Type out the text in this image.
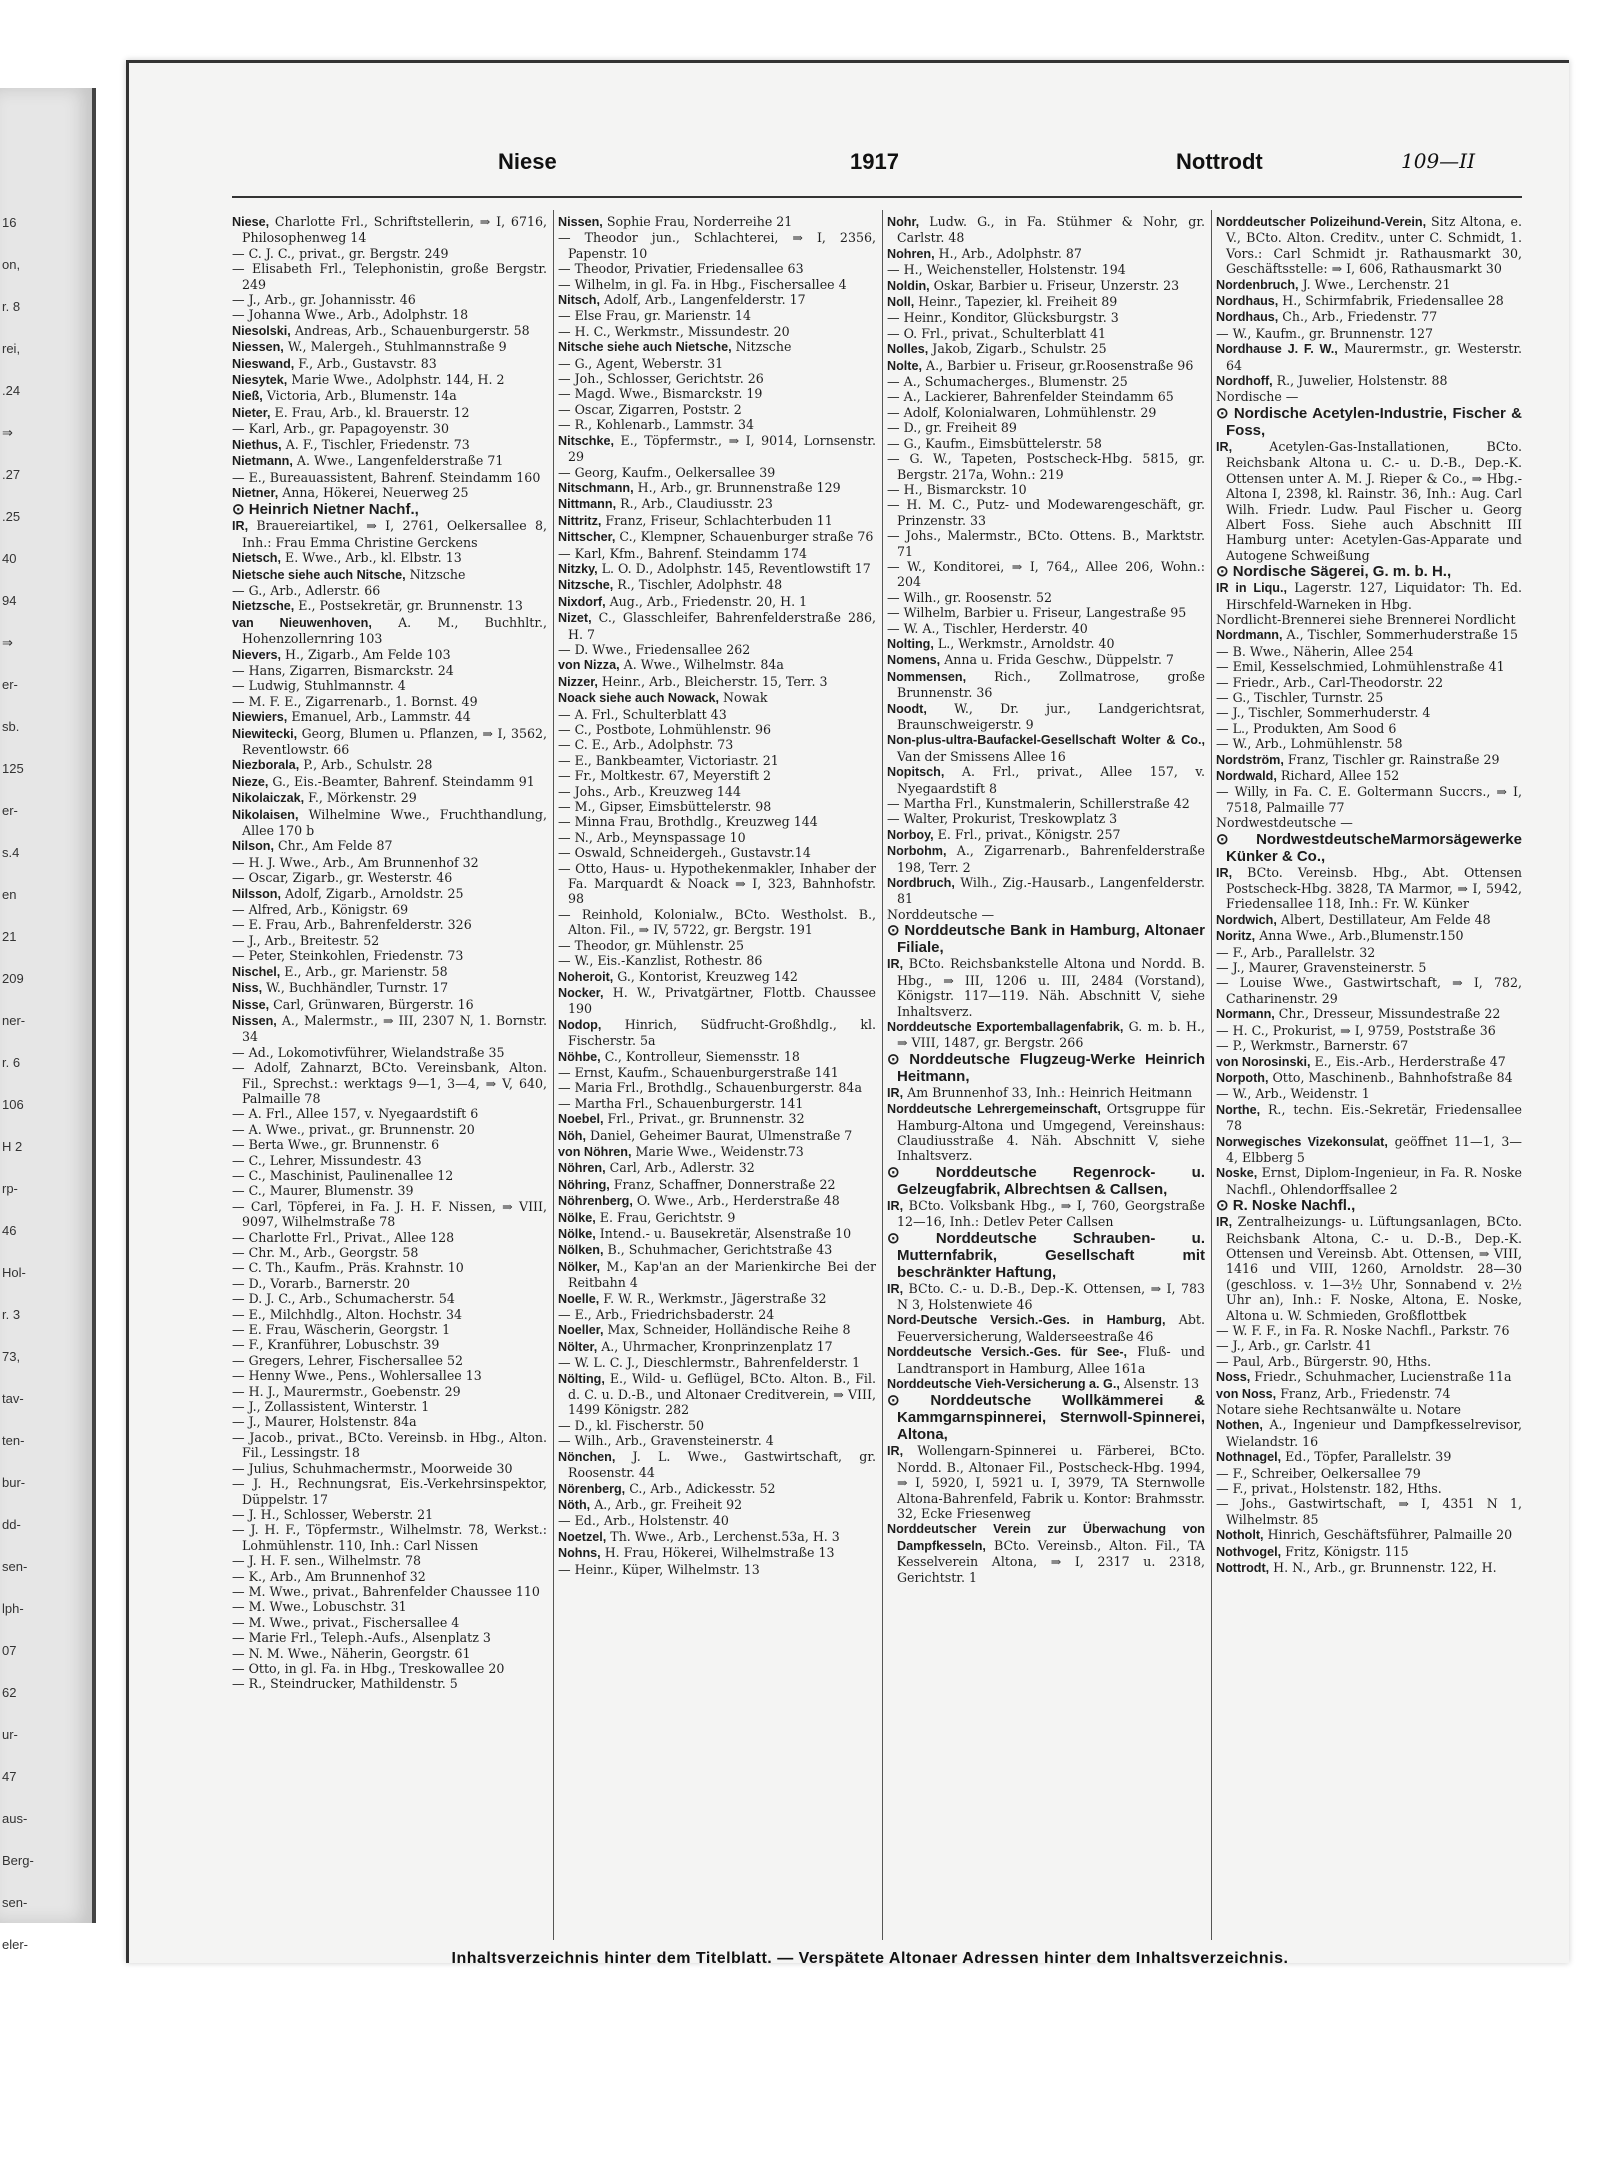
Niese	1917	Nottrodt	109—II

Niese, Charlotte Frl., Schriftstellerin, ⇒ I, 6716, Philosophenweg 14

— C. J. C., privat., gr. Bergstr. 249

— Elisabeth Frl., Telephonistin, große Bergstr. 249

— J., Arb., gr. Johannisstr. 46

— Johanna Wwe., Arb., Adolphstr. 18

Niesolski, Andreas, Arb., Schauenburgerstr. 58

Niessen, W., Malergeh., Stuhlmannstraße 9

Nieswand, F., Arb., Gustavstr. 83

Niesytek, Marie Wwe., Adolphstr. 144, H. 2

Nieß, Victoria, Arb., Blumenstr. 14a

Nieter, E. Frau, Arb., kl. Brauerstr. 12

— Karl, Arb., gr. Papagoyenstr. 30

Niethus, A. F., Tischler, Friedenstr. 73

Nietmann, A. Wwe., Langenfelderstraße 71

— E., Bureauassistent, Bahrenf. Steindamm 160

Nietner, Anna, Hökerei, Neuerweg 25

⊙ Heinrich Nietner Nachf.,

IR, Brauereiartikel, ⇒ I, 2761, Oelkersallee 8, Inh.: Frau Emma Christine Gerckens

Nietsch, E. Wwe., Arb., kl. Elbstr. 13

Nietsche siehe auch Nitsche, Nitzsche

— G., Arb., Adlerstr. 66

Nietzsche, E., Postsekretär, gr. Brunnenstr. 13

van Nieuwenhoven, A. M., Buchhltr., Hohenzollernring 103

Nievers, H., Zigarb., Am Felde 103

— Hans, Zigarren, Bismarckstr. 24

— Ludwig, Stuhlmannstr. 4

— M. F. E., Zigarrenarb., 1. Bornst. 49

Niewiers, Emanuel, Arb., Lammstr. 44

Niewitecki, Georg, Blumen u. Pflanzen, ⇒ I, 3562, Reventlowstr. 66

Niezborala, P., Arb., Schulstr. 28

Nieze, G., Eis.-Beamter, Bahrenf. Steindamm 91

Nikolaiczak, F., Mörkenstr. 29

Nikolaisen, Wilhelmine Wwe., Fruchthandlung, Allee 170 b

Nilson, Chr., Am Felde 87

— H. J. Wwe., Arb., Am Brunnenhof 32

— Oscar, Zigarb., gr. Westerstr. 46

Nilsson, Adolf, Zigarb., Arnoldstr. 25

— Alfred, Arb., Königstr. 69

— E. Frau, Arb., Bahrenfelderstr. 326

— J., Arb., Breitestr. 52

— Peter, Steinkohlen, Friedenstr. 73

Nischel, E., Arb., gr. Marienstr. 58

Niss, W., Buchhändler, Turnstr. 17

Nisse, Carl, Grünwaren, Bürgerstr. 16

Nissen, A., Malermstr., ⇒ III, 2307 N, 1. Bornstr. 34

— Ad., Lokomotivführer, Wielandstraße 35

— Adolf, Zahnarzt, BCto. Vereinsbank, Alton. Fil., Sprechst.: werktags 9—1, 3—4, ⇒ V, 640, Palmaille 78

— A. Frl., Allee 157, v. Nyegaardstift 6

— A. Wwe., privat., gr. Brunnenstr. 20

— Berta Wwe., gr. Brunnenstr. 6

— C., Lehrer, Missundestr. 43

— C., Maschinist, Paulinenallee 12

— C., Maurer, Blumenstr. 39

— Carl, Töpferei, in Fa. J. H. F. Nissen, ⇒ VIII, 9097, Wilhelmstraße 78

— Charlotte Frl., Privat., Allee 128

— Chr. M., Arb., Georgstr. 58

— C. Th., Kaufm., Präs. Krahnstr. 10

— D., Vorarb., Barnerstr. 20

— D. J. C., Arb., Schumacherstr. 54

— E., Milchhdlg., Alton. Hochstr. 34

— E. Frau, Wäscherin, Georgstr. 1

— F., Kranführer, Lobuschstr. 39

— Gregers, Lehrer, Fischersallee 52

— Henny Wwe., Pens., Wohlersallee 13

— H. J., Maurermstr., Goebenstr. 29

— J., Zollassistent, Winterstr. 1

— J., Maurer, Holstenstr. 84a

— Jacob., privat., BCto. Vereinsb. in Hbg., Alton. Fil., Lessingstr. 18

— Julius, Schuhmachermstr., Moorweide 30

— J. H., Rechnungsrat, Eis.-Verkehrsinspektor, Düppelstr. 17

— J. H., Schlosser, Weberstr. 21

— J. H. F., Töpfermstr., Wilhelmstr. 78, Werkst.: Lohmühlenstr. 110, Inh.: Carl Nissen

— J. H. F. sen., Wilhelmstr. 78

— K., Arb., Am Brunnenhof 32

— M. Wwe., privat., Bahrenfelder Chaussee 110

— M. Wwe., Lobuschstr. 31

— M. Wwe., privat., Fischersallee 4

— Marie Frl., Teleph.-Aufs., Alsenplatz 3

— N. M. Wwe., Näherin, Georgstr. 61

— Otto, in gl. Fa. in Hbg., Treskowallee 20

— R., Steindrucker, Mathildenstr. 5

Nissen, Sophie Frau, Norderreihe 21

— Theodor jun., Schlachterei, ⇒ I, 2356, Papenstr. 10

— Theodor, Privatier, Friedensallee 63

— Wilhelm, in gl. Fa. in Hbg., Fischersallee 4

Nitsch, Adolf, Arb., Langenfelderstr. 17

— Else Frau, gr. Marienstr. 14

— H. C., Werkmstr., Missundestr. 20

Nitsche siehe auch Nietsche, Nitzsche

— G., Agent, Weberstr. 31

— Joh., Schlosser, Gerichtstr. 26

— Magd. Wwe., Bismarckstr. 19

— Oscar, Zigarren, Poststr. 2

— R., Kohlenarb., Lammstr. 34

Nitschke, E., Töpfermstr., ⇒ I, 9014, Lornsenstr. 29

— Georg, Kaufm., Oelkersallee 39

Nitschmann, H., Arb., gr. Brunnenstraße 129

Nittmann, R., Arb., Claudiusstr. 23

Nittritz, Franz, Friseur, Schlachterbuden 11

Nittscher, C., Klempner, Schauenburger straße 76

— Karl, Kfm., Bahrenf. Steindamm 174

Nitzky, L. O. D., Adolphstr. 145, Reventlowstift 17

Nitzsche, R., Tischler, Adolphstr. 48

Nixdorf, Aug., Arb., Friedenstr. 20, H. 1

Nizet, C., Glasschleifer, Bahrenfelderstraße 286, H. 7

— D. Wwe., Friedensallee 262

von Nizza, A. Wwe., Wilhelmstr. 84a

Nizzer, Heinr., Arb., Bleicherstr. 15, Terr. 3

Noack siehe auch Nowack, Nowak

— A. Frl., Schulterblatt 43

— C., Postbote, Lohmühlenstr. 96

— C. E., Arb., Adolphstr. 73

— E., Bankbeamter, Victoriastr. 21

— Fr., Moltkestr. 67, Meyerstift 2

— Johs., Arb., Kreuzweg 144

— M., Gipser, Eimsbüttelerstr. 98

— Minna Frau, Brothdlg., Kreuzweg 144

— N., Arb., Meynspassage 10

— Oswald, Schneidergeh., Gustavstr.14

— Otto, Haus- u. Hypothekenmakler, Inhaber der Fa. Marquardt & Noack ⇒ I, 323, Bahnhofstr. 98

— Reinhold, Kolonialw., BCto. Westholst. B., Alton. Fil., ⇒ IV, 5722, gr. Bergstr. 191

— Theodor, gr. Mühlenstr. 25

— W., Eis.-Kanzlist, Rothestr. 86

Noheroit, G., Kontorist, Kreuzweg 142

Nocker, H. W., Privatgärtner, Flottb. Chaussee 190

Nodop, Hinrich, Südfrucht-Großhdlg., kl. Fischerstr. 5a

Nöhbe, C., Kontrolleur, Siemensstr. 18

— Ernst, Kaufm., Schauenburgerstraße 141

— Maria Frl., Brothdlg., Schauenburgerstr. 84a

— Martha Frl., Schauenburgerstr. 141

Noebel, Frl., Privat., gr. Brunnenstr. 32

Nöh, Daniel, Geheimer Baurat, Ulmenstraße 7

von Nöhren, Marie Wwe., Weidenstr.73

Nöhren, Carl, Arb., Adlerstr. 32

Nöhring, Franz, Schaffner, Donnerstraße 22

Nöhrenberg, O. Wwe., Arb., Herderstraße 48

Nölke, E. Frau, Gerichtstr. 9

Nölke, Intend.- u. Bausekretär, Alsenstraße 10

Nölken, B., Schuhmacher, Gerichtstraße 43

Nölker, M., Kap'an an der Marienkirche Bei der Reitbahn 4

Noelle, F. W. R., Werkmstr., Jägerstraße 32

— E., Arb., Friedrichsbaderstr. 24

Noeller, Max, Schneider, Holländische Reihe 8

Nölter, A., Uhrmacher, Kronprinzenplatz 17

— W. L. C. J., Dieschlermstr., Bahrenfelderstr. 1

Nölting, E., Wild- u. Geflügel, BCto. Alton. B., Fil. d. C. u. D.-B., und Altonaer Creditverein, ⇒ VIII, 1499 Königstr. 282

— D., kl. Fischerstr. 50

— Wilh., Arb., Gravensteinerstr. 4

Nönchen, J. L. Wwe., Gastwirtschaft, gr. Roosenstr. 44

Nörenberg, C., Arb., Adickesstr. 52

Nöth, A., Arb., gr. Freiheit 92

— Ed., Arb., Holstenstr. 40

Noetzel, Th. Wwe., Arb., Lerchenst.53a, H. 3

Nohns, H. Frau, Hökerei, Wilhelmstraße 13

— Heinr., Küper, Wilhelmstr. 13

Nohr, Ludw. G., in Fa. Stühmer & Nohr, gr. Carlstr. 48

Nohren, H., Arb., Adolphstr. 87

— H., Weichensteller, Holstenstr. 194

Noldin, Oskar, Barbier u. Friseur, Unzerstr. 23

Noll, Heinr., Tapezier, kl. Freiheit 89

— Heinr., Konditor, Glücksburgstr. 3

— O. Frl., privat., Schulterblatt 41

Nolles, Jakob, Zigarb., Schulstr. 25

Nolte, A., Barbier u. Friseur, gr.Roosenstraße 96

— A., Schumacherges., Blumenstr. 25

— A., Lackierer, Bahrenfelder Steindamm 65

— Adolf, Kolonialwaren, Lohmühlenstr. 29

— D., gr. Freiheit 89

— G., Kaufm., Eimsbüttelerstr. 58

— G. W., Tapeten, Postscheck-Hbg. 5815, gr. Bergstr. 217a, Wohn.: 219

— H., Bismarckstr. 10

— H. M. C., Putz- und Modewarengeschäft, gr. Prinzenstr. 33

— Johs., Malermstr., BCto. Ottens. B., Marktstr. 71

— W., Konditorei, ⇒ I, 764,, Allee 206, Wohn.: 204

— Wilh., gr. Roosenstr. 52

— Wilhelm, Barbier u. Friseur, Langestraße 95

— W. A., Tischler, Herderstr. 40

Nolting, L., Werkmstr., Arnoldstr. 40

Nomens, Anna u. Frida Geschw., Düppelstr. 7

Nommensen, Rich., Zollmatrose, große Brunnenstr. 36

Noodt, W., Dr. jur., Landgerichtsrat, Braunschweigerstr. 9

Non-plus-ultra-Baufackel-Gesellschaft Wolter & Co., Van der Smissens Allee 16

Nopitsch, A. Frl., privat., Allee 157, v. Nyegaardstift 8

— Martha Frl., Kunstmalerin, Schillerstraße 42

— Walter, Prokurist, Treskowplatz 3

Norboy, E. Frl., privat., Königstr. 257

Norbohm, A., Zigarrenarb., Bahrenfelderstraße 198, Terr. 2

Nordbruch, Wilh., Zig.-Hausarb., Langenfelderstr. 81

Norddeutsche —

⊙ Norddeutsche Bank in Hamburg, Altonaer Filiale,

IR, BCto. Reichsbankstelle Altona und Nordd. B. Hbg., ⇒ III, 1206 u. III, 2484 (Vorstand), Königstr. 117—119. Näh. Abschnitt V, siehe Inhaltsverz.

Norddeutsche Exportemballagenfabrik, G. m. b. H., ⇒ VIII, 1487, gr. Bergstr. 266

⊙ Norddeutsche Flugzeug-Werke Heinrich Heitmann,

IR, Am Brunnenhof 33, Inh.: Heinrich Heitmann

Norddeutsche Lehrergemeinschaft, Ortsgruppe für Hamburg-Altona und Umgegend, Vereinshaus: Claudiusstraße 4. Näh. Abschnitt V, siehe Inhaltsverz.

⊙ Norddeutsche Regenrock- u. Gelzeugfabrik, Albrechtsen & Callsen,

IR, BCto. Volksbank Hbg., ⇒ I, 760, Georgstraße 12—16, Inh.: Detlev Peter Callsen

⊙ Norddeutsche Schrauben- u. Mutternfabrik, Gesellschaft mit beschränkter Haftung,

IR, BCto. C.- u. D.-B., Dep.-K. Ottensen, ⇒ I, 783 N 3, Holstenwiete 46

Nord-Deutsche Versich.-Ges. in Hamburg, Abt. Feuerversicherung, Walderseestraße 46

Norddeutsche Versich.-Ges. für See-, Fluß- und Landtransport in Hamburg, Allee 161a

Norddeutsche Vieh-Versicherung a. G., Alsenstr. 13

⊙ Norddeutsche Wollkämmerei & Kammgarnspinnerei, Sternwoll-Spinnerei, Altona,

IR, Wollengarn-Spinnerei u. Färberei, BCto. Nordd. B., Altonaer Fil., Postscheck-Hbg. 1994, ⇒ I, 5920, I, 5921 u. I, 3979, TA Sternwolle Altona-Bahrenfeld, Fabrik u. Kontor: Brahmsstr. 32, Ecke Friesenweg

Norddeutscher Verein zur Überwachung von Dampfkesseln, BCto. Vereinsb., Alton. Fil., TA Kesselverein Altona, ⇒ I, 2317 u. 2318, Gerichtstr. 1

Norddeutscher Polizeihund-Verein, Sitz Altona, e. V., BCto. Alton. Creditv., unter C. Schmidt, 1. Vors.: Carl Schmidt jr. Rathausmarkt 30, Geschäftsstelle: ⇒ I, 606, Rathausmarkt 30

Nordenbruch, J. Wwe., Lerchenstr. 21

Nordhaus, H., Schirmfabrik, Friedensallee 28

Nordhaus, Ch., Arb., Friedenstr. 77

— W., Kaufm., gr. Brunnenstr. 127

Nordhause J. F. W., Maurermstr., gr. Westerstr. 64

Nordhoff, R., Juwelier, Holstenstr. 88

Nordische —

⊙ Nordische Acetylen-Industrie, Fischer & Foss,

IR, Acetylen-Gas-Installationen, BCto. Reichsbank Altona u. C.- u. D.-B., Dep.-K. Ottensen unter A. M. J. Rieper & Co., ⇒ Hbg.-Altona I, 2398, kl. Rainstr. 36, Inh.: Aug. Carl Wilh. Friedr. Ludw. Paul Fischer u. Georg Albert Foss. Siehe auch Abschnitt III Hamburg unter: Acetylen-Gas-Apparate und Autogene Schweißung

⊙ Nordische Sägerei, G. m. b. H.,

IR in Liqu., Lagerstr. 127, Liquidator: Th. Ed. Hirschfeld-Warneken in Hbg.

Nordlicht-Brennerei siehe Brennerei Nordlicht

Nordmann, A., Tischler, Sommerhuderstraße 15

— B. Wwe., Näherin, Allee 254

— Emil, Kesselschmied, Lohmühlenstraße 41

— Friedr., Arb., Carl-Theodorstr. 22

— G., Tischler, Turnstr. 25

— J., Tischler, Sommerhuderstr. 4

— L., Produkten, Am Sood 6

— W., Arb., Lohmühlenstr. 58

Nordström, Franz, Tischler gr. Rainstraße 29

Nordwald, Richard, Allee 152

— Willy, in Fa. C. E. Goltermann Succrs., ⇒ I, 7518, Palmaille 77

Nordwestdeutsche —

⊙ NordwestdeutscheMarmorsägewerke Künker & Co.,

IR, BCto. Vereinsb. Hbg., Abt. Ottensen Postscheck-Hbg. 3828, TA Marmor, ⇒ I, 5942, Friedensallee 118, Inh.: Fr. W. Künker

Nordwich, Albert, Destillateur, Am Felde 48

Noritz, Anna Wwe., Arb.,Blumenstr.150

— F., Arb., Parallelstr. 32

— J., Maurer, Gravensteinerstr. 5

— Louise Wwe., Gastwirtschaft, ⇒ I, 782, Catharinenstr. 29

Normann, Chr., Dresseur, Missundestraße 22

— H. C., Prokurist, ⇒ I, 9759, Poststraße 36

— P., Werkmstr., Barnerstr. 67

von Norosinski, E., Eis.-Arb., Herderstraße 47

Norpoth, Otto, Maschinenb., Bahnhofstraße 84

— W., Arb., Weidenstr. 1

Northe, R., techn. Eis.-Sekretär, Friedensallee 78

Norwegisches Vizekonsulat, geöffnet 11—1, 3—4, Elbberg 5

Noske, Ernst, Diplom-Ingenieur, in Fa. R. Noske Nachfl., Ohlendorffsallee 2

⊙ R. Noske Nachfl.,

IR, Zentralheizungs- u. Lüftungsanlagen, BCto. Reichsbank Altona, C.- u. D.-B., Dep.-K. Ottensen und Vereinsb. Abt. Ottensen, ⇒ VIII, 1416 und VIII, 1260, Arnoldstr. 28—30 (geschloss. v. 1—3½ Uhr, Sonnabend v. 2½ Uhr an), Inh.: F. Noske, Altona, E. Noske, Altona u. W. Schmieden, Großflottbek

— W. F. F., in Fa. R. Noske Nachfl., Parkstr. 76

— J., Arb., gr. Carlstr. 41

— Paul, Arb., Bürgerstr. 90, Hths.

Noss, Friedr., Schuhmacher, Lucienstraße 11a

von Noss, Franz, Arb., Friedenstr. 74

Notare siehe Rechtsanwälte u. Notare

Nothen, A., Ingenieur und Dampfkesselrevisor, Wielandstr. 16

Nothnagel, Ed., Töpfer, Parallelstr. 39

— F., Schreiber, Oelkersallee 79

— F., privat., Holstenstr. 182, Hths.

— Johs., Gastwirtschaft, ⇒ I, 4351 N 1, Wilhelmstr. 85

Notholt, Hinrich, Geschäftsführer, Palmaille 20

Nothvogel, Fritz, Königstr. 115

Nottrodt, H. N., Arb., gr. Brunnenstr. 122, H.

Inhaltsverzeichnis hinter dem Titelblatt. — Verspätete Altonaer Adressen hinter dem Inhaltsverzeichnis.
16
on,
r. 8
rei,
.24
⇒
.27
.25
40
94
⇒
er-
sb.
125
er-
s.4
en
21
209
ner-
r. 6
106
H 2
rp-
46
Hol-
r. 3
73,
tav-
ten-
bur-
dd-
sen-
lph-
07
62
ur-
47
aus-
Berg-
sen-
eler-
